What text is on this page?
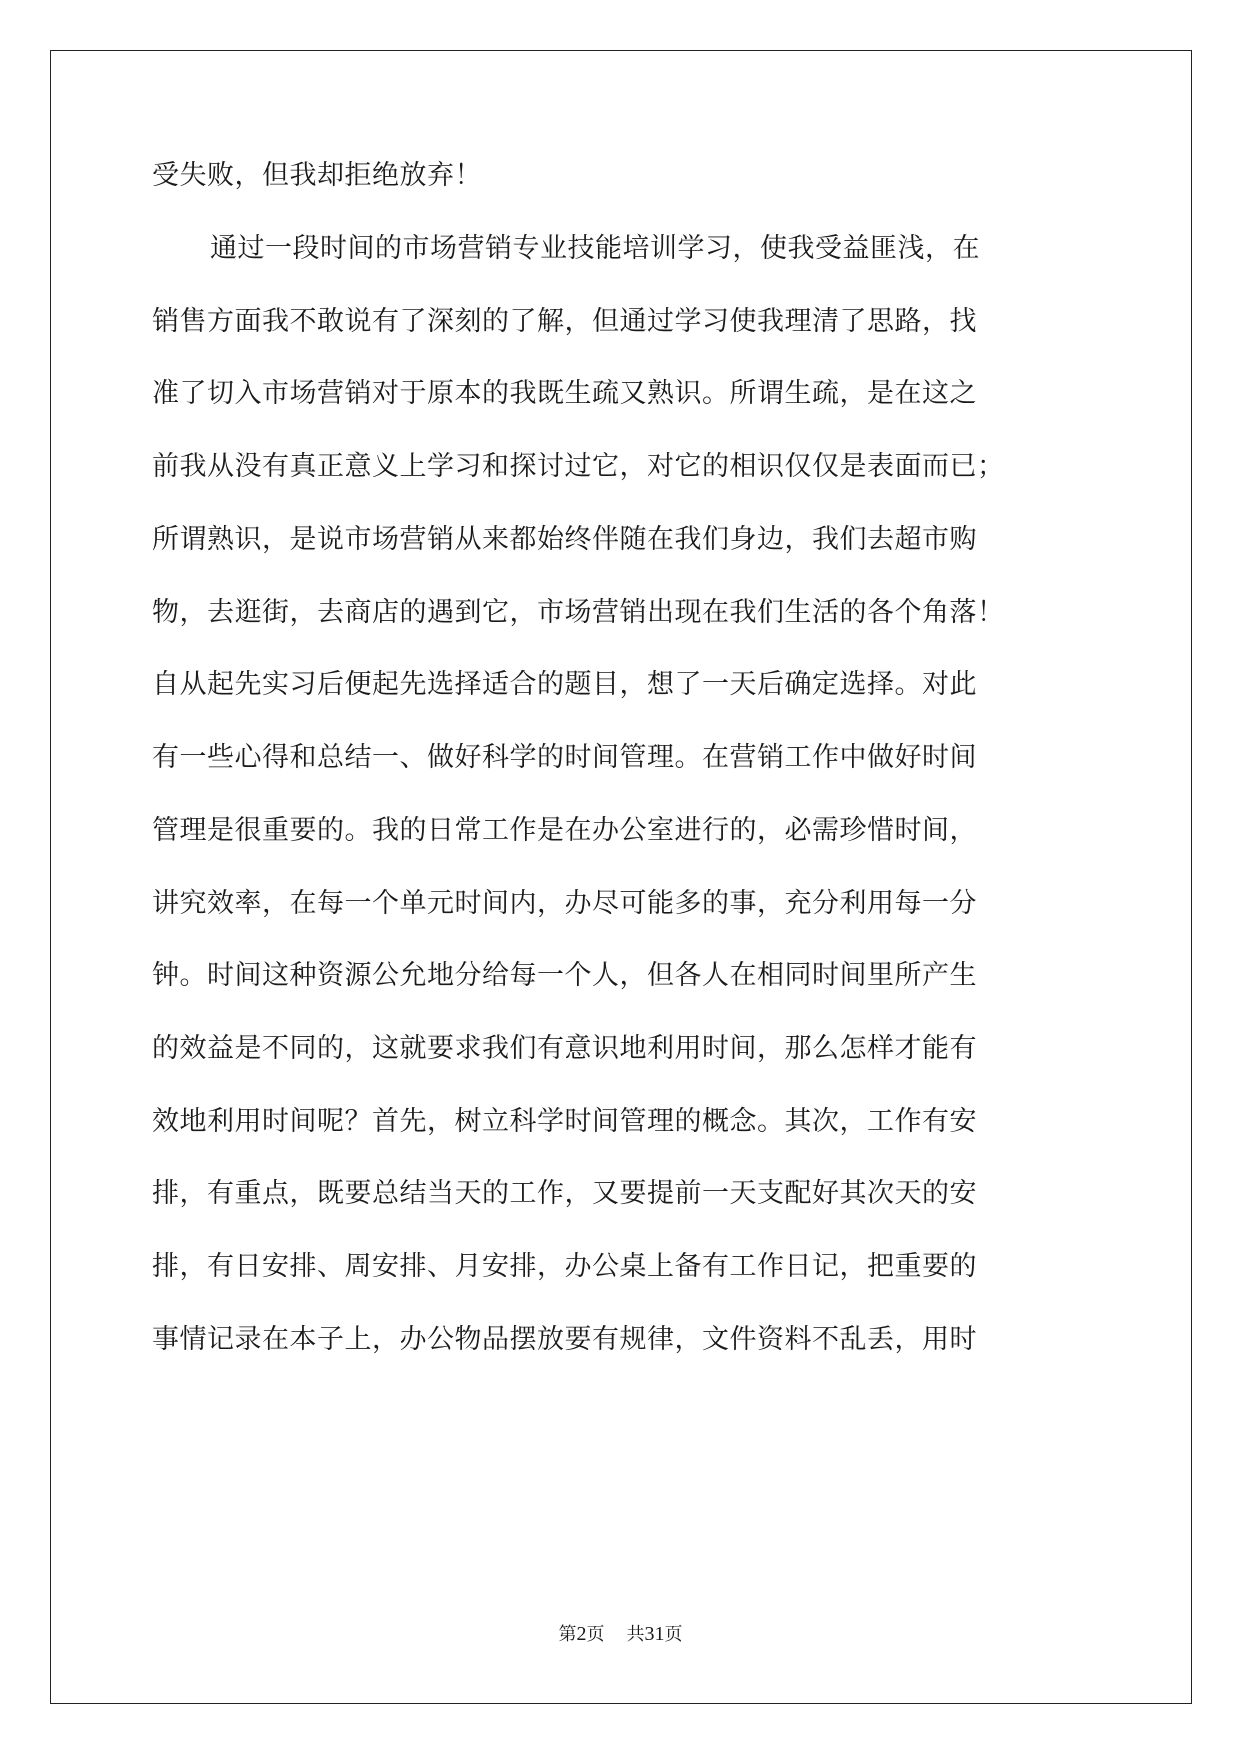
受失败，但我却拒绝放弃！
通过一段时间的市场营销专业技能培训学习，使我受益匪浅，在
销售方面我不敢说有了深刻的了解，但通过学习使我理清了思路，找
准了切入市场营销对于原本的我既生疏又熟识。所谓生疏，是在这之
前我从没有真正意义上学习和探讨过它，对它的相识仅仅是表面而已；
所谓熟识，是说市场营销从来都始终伴随在我们身边，我们去超市购
物，去逛街，去商店的遇到它，市场营销出现在我们生活的各个角落！
自从起先实习后便起先选择适合的题目，想了一天后确定选择。对此
有一些心得和总结一、做好科学的时间管理。在营销工作中做好时间
管理是很重要的。我的日常工作是在办公室进行的，必需珍惜时间，
讲究效率，在每一个单元时间内，办尽可能多的事，充分利用每一分
钟。时间这种资源公允地分给每一个人，但各人在相同时间里所产生
的效益是不同的，这就要求我们有意识地利用时间，那么怎样才能有
效地利用时间呢？首先，树立科学时间管理的概念。其次，工作有安
排，有重点，既要总结当天的工作，又要提前一天支配好其次天的安
排，有日安排、周安排、月安排，办公桌上备有工作日记，把重要的
事情记录在本子上，办公物品摆放要有规律，文件资料不乱丢，用时
第2页 共31页
